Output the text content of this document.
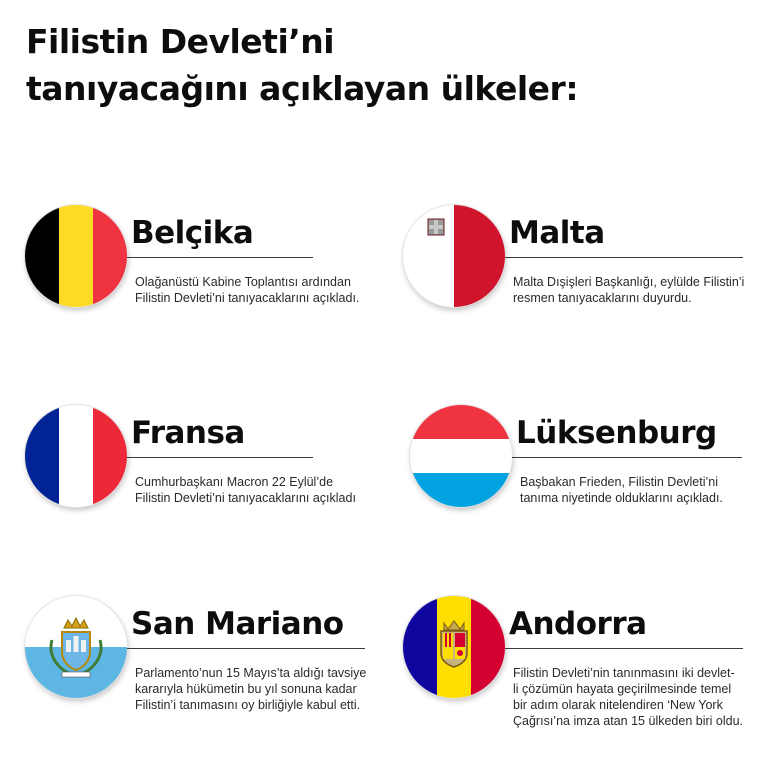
Filistin Devleti’ni
tanıyacağını açıklayan ülkeler:
Belçika

Olağanüstü Kabine Toplantısı ardından
Filistin Devleti’ni tanıyacaklarını açıkladı.

Malta

Malta Dışişleri Başkanlığı, eylülde Filistin’i
resmen tanıyacaklarını duyurdu.

Fransa

Cumhurbaşkanı Macron 22 Eylül’de
Filistin Devleti’ni tanıyacaklarını açıkladı

Lüksenburg

Başbakan Frieden, Filistin Devleti’ni
tanıma niyetinde olduklarını açıkladı.

San Mariano

Parlamento’nun 15 Mayıs’ta aldığı tavsiye
kararıyla hükümetin bu yıl sonuna kadar
Filistin’i tanımasını oy birliğiyle kabul etti.

Andorra

Filistin Devleti’nin tanınmasını iki devlet-
li çözümün hayata geçirilmesinde temel
bir adım olarak nitelendiren ‘New York
Çağrısı’na imza atan 15 ülkeden biri oldu.
